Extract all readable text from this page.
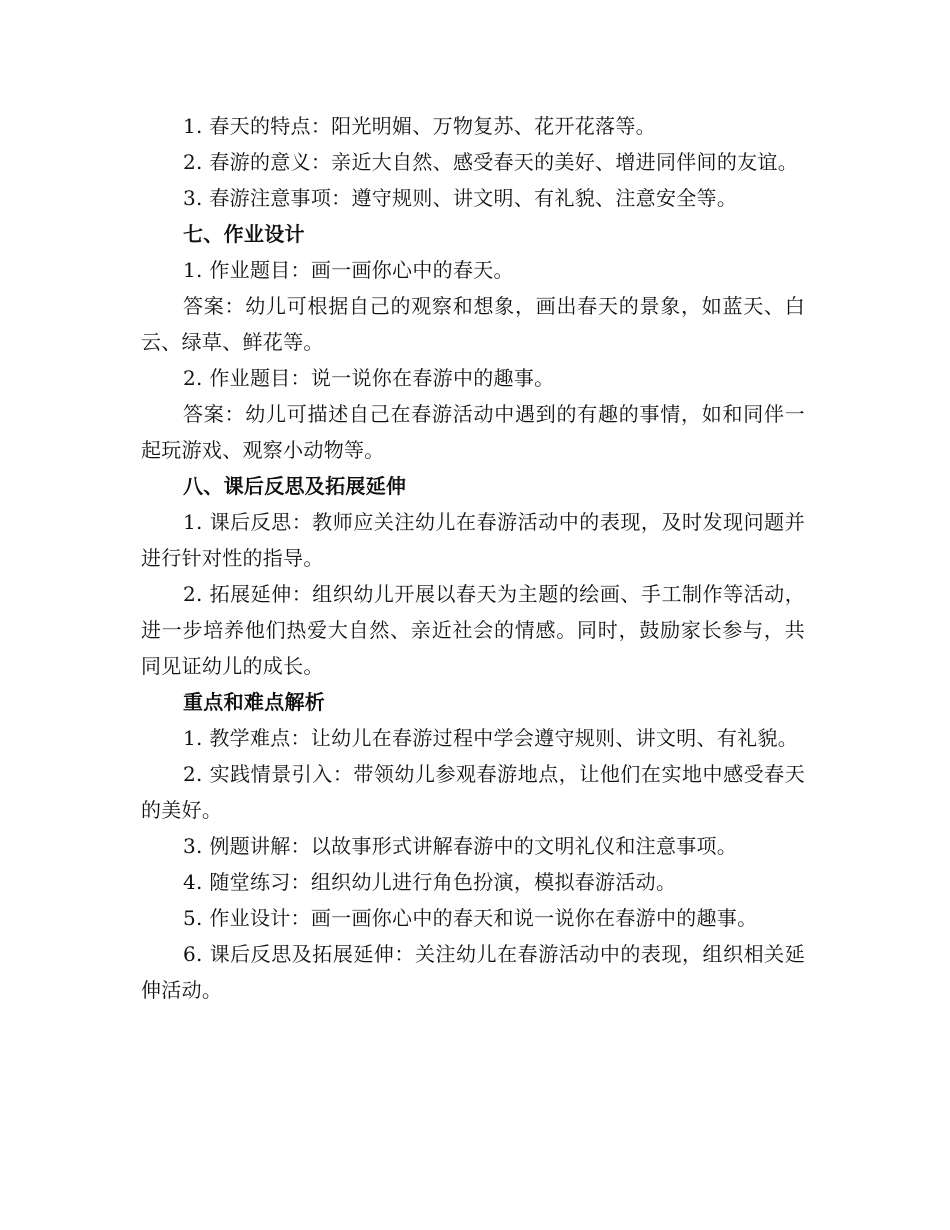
1. 春天的特点：阳光明媚、万物复苏、花开花落等。

2. 春游的意义：亲近大自然、感受春天的美好、增进同伴间的友谊。

3. 春游注意事项：遵守规则、讲文明、有礼貌、注意安全等。

七、作业设计

1. 作业题目：画一画你心中的春天。

答案：幼儿可根据自己的观察和想象，画出春天的景象，如蓝天、白云、绿草、鲜花等。

2. 作业题目：说一说你在春游中的趣事。

答案：幼儿可描述自己在春游活动中遇到的有趣的事情，如和同伴一起玩游戏、观察小动物等。

八、课后反思及拓展延伸

1. 课后反思：教师应关注幼儿在春游活动中的表现，及时发现问题并进行针对性的指导。

2. 拓展延伸：组织幼儿开展以春天为主题的绘画、手工制作等活动，进一步培养他们热爱大自然、亲近社会的情感。同时，鼓励家长参与，共同见证幼儿的成长。

重点和难点解析

1. 教学难点：让幼儿在春游过程中学会遵守规则、讲文明、有礼貌。

2. 实践情景引入：带领幼儿参观春游地点，让他们在实地中感受春天的美好。

3. 例题讲解：以故事形式讲解春游中的文明礼仪和注意事项。

4. 随堂练习：组织幼儿进行角色扮演，模拟春游活动。

5. 作业设计：画一画你心中的春天和说一说你在春游中的趣事。

6. 课后反思及拓展延伸：关注幼儿在春游活动中的表现，组织相关延伸活动。
